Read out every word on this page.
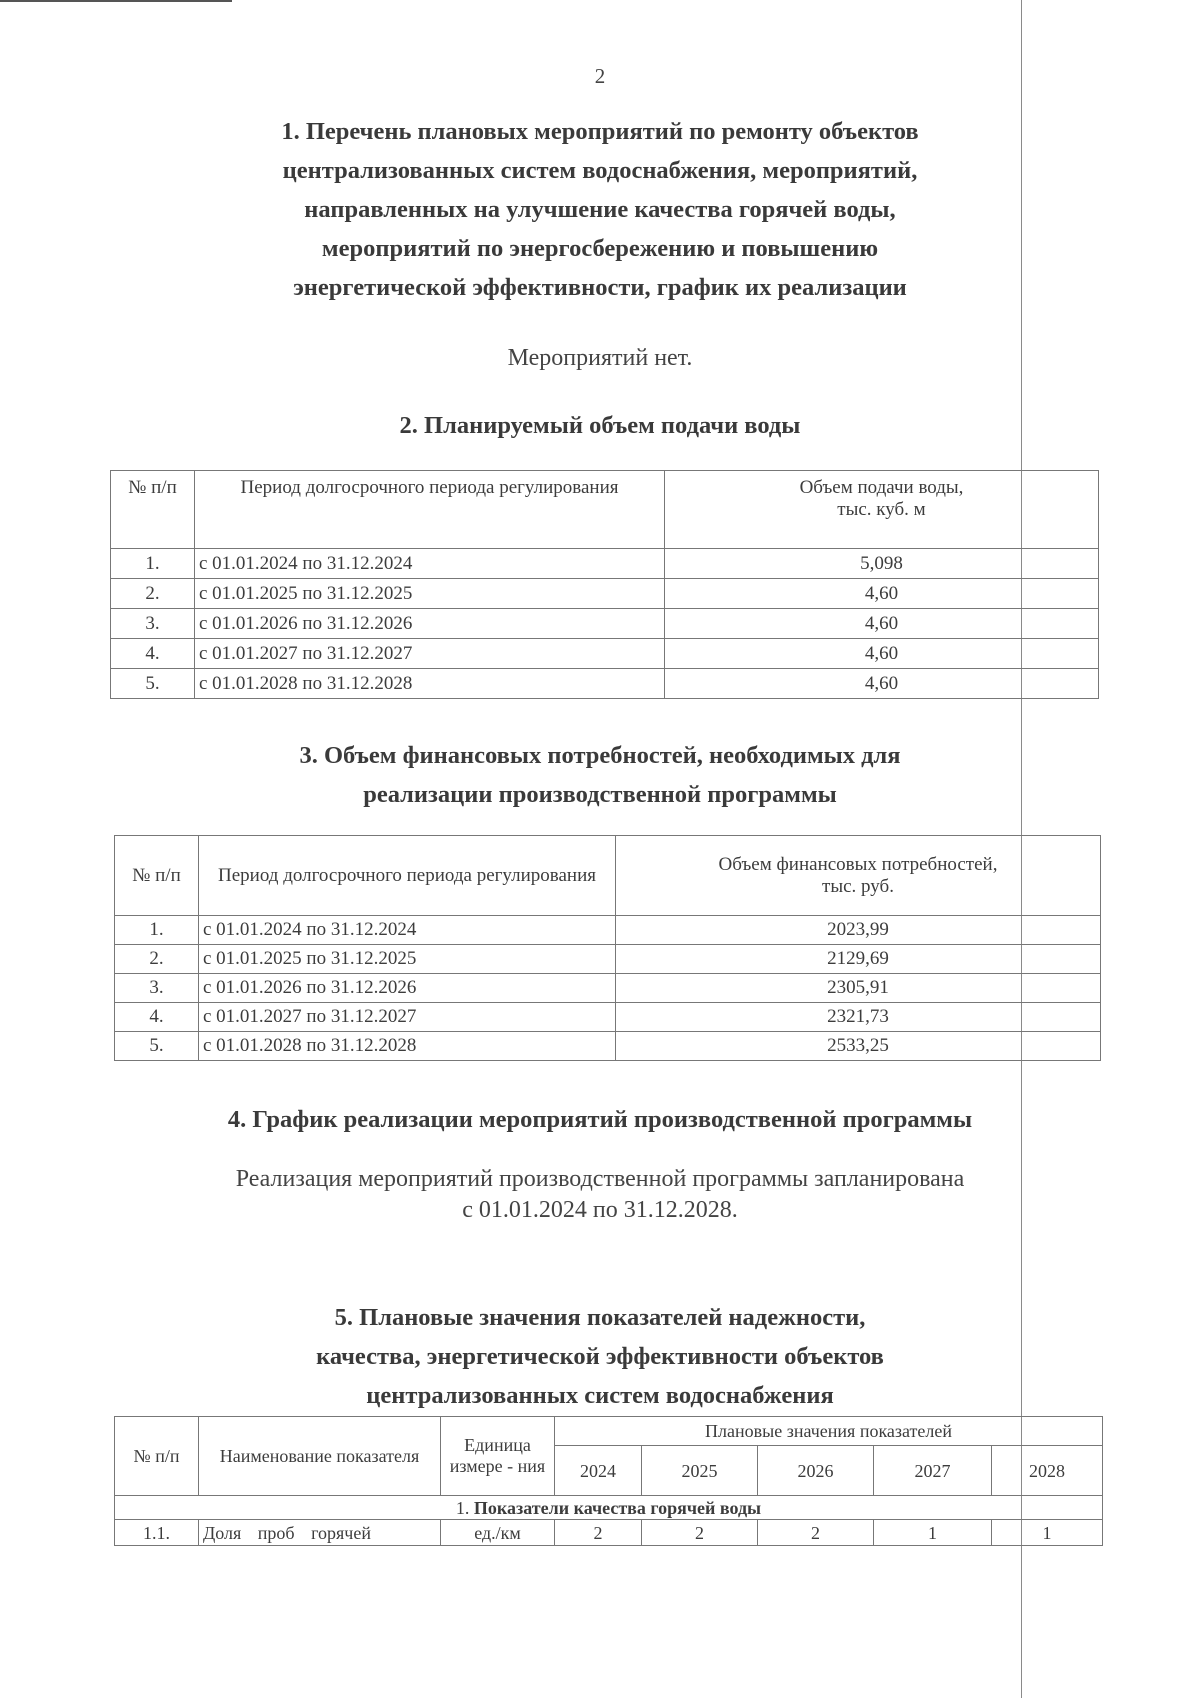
2
1. Перечень плановых мероприятий по ремонту объектов
централизованных систем водоснабжения, мероприятий,
направленных на улучшение качества горячей воды,
мероприятий по энергосбережению и повышению
энергетической эффективности, график их реализации
Мероприятий нет.
2. Планируемый объем подачи воды
№ п/п	Период долгосрочного периода регулирования	Объем подачи воды,
тыс. куб. м

1.	с 01.01.2024 по 31.12.2024	5,098
2.	с 01.01.2025 по 31.12.2025	4,60
3.	с 01.01.2026 по 31.12.2026	4,60
4.	с 01.01.2027 по 31.12.2027	4,60
5.	с 01.01.2028 по 31.12.2028	4,60
3. Объем финансовых потребностей, необходимых для
реализации производственной программы
№ п/п	Период долгосрочного периода регулирования	Объем финансовых потребностей,
тыс. руб.

1.	с 01.01.2024 по 31.12.2024	2023,99
2.	с 01.01.2025 по 31.12.2025	2129,69
3.	с 01.01.2026 по 31.12.2026	2305,91
4.	с 01.01.2027 по 31.12.2027	2321,73
5.	с 01.01.2028 по 31.12.2028	2533,25
4. График реализации мероприятий производственной программы
Реализация мероприятий производственной программы запланирована
с 01.01.2024 по 31.12.2028.
5. Плановые значения показателей надежности,
качества, энергетической эффективности объектов
централизованных систем водоснабжения
№ п/п	Наименование показателя	Единица измере - ния	Плановые значения показателей				
			2024	2025	2026	2027	2028
1. Показатели качества горячей воды							
1.1.	Доля проб горячей	ед./км	2	2	2	1	1
